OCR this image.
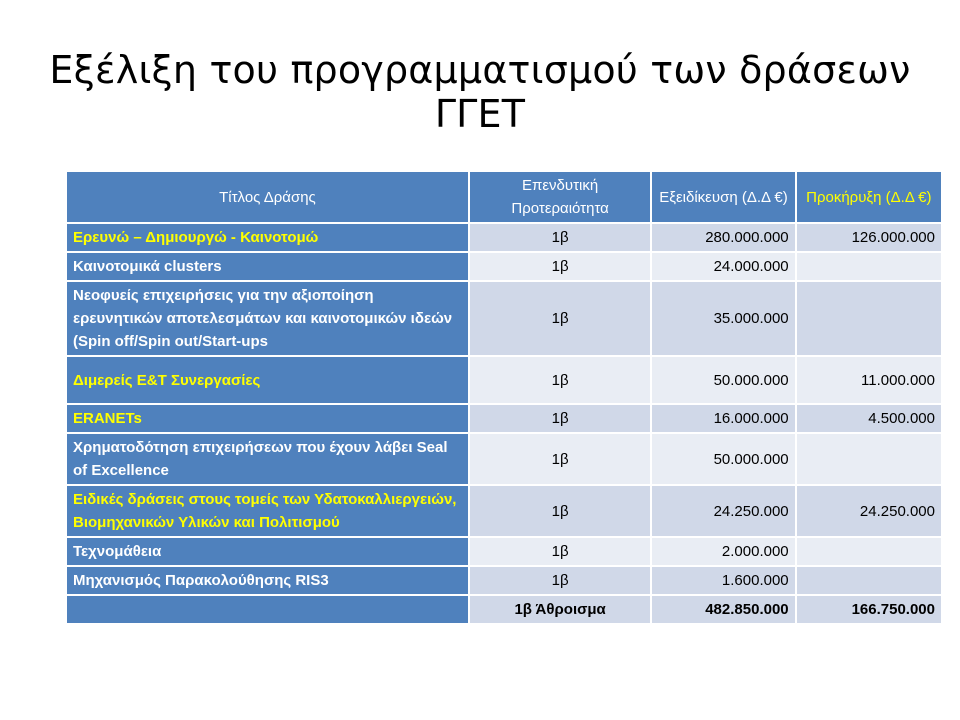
Εξέλιξη του προγραμματισμού των δράσεων ΓΓΕΤ
Τίτλος Δράσης	Επενδυτική Προτεραιότητα	Εξειδίκευση (Δ.Δ €)	Προκήρυξη (Δ.Δ €)
Ερευνώ – Δημιουργώ - Καινοτομώ	1β	280.000.000	126.000.000
Καινοτομικά clusters	1β	24.000.000	
Νεοφυείς επιχειρήσεις για την αξιοποίηση ερευνητικών αποτελεσμάτων και καινοτομικών ιδεών (Spin off/Spin out/Start-ups	1β	35.000.000	
Διμερείς Ε&Τ Συνεργασίες	1β	50.000.000	11.000.000
ERANETs	1β	16.000.000	4.500.000
Χρηματοδότηση επιχειρήσεων που έχουν λάβει Seal of Excellence	1β	50.000.000	
Ειδικές δράσεις στους τομείς των Υδατοκαλλιεργειών, Βιομηχανικών Υλικών και Πολιτισμού	1β	24.250.000	24.250.000
Τεχνομάθεια	1β	2.000.000	
Μηχανισμός Παρακολούθησης RIS3	1β	1.600.000	
	1β Άθροισμα	482.850.000	166.750.000
